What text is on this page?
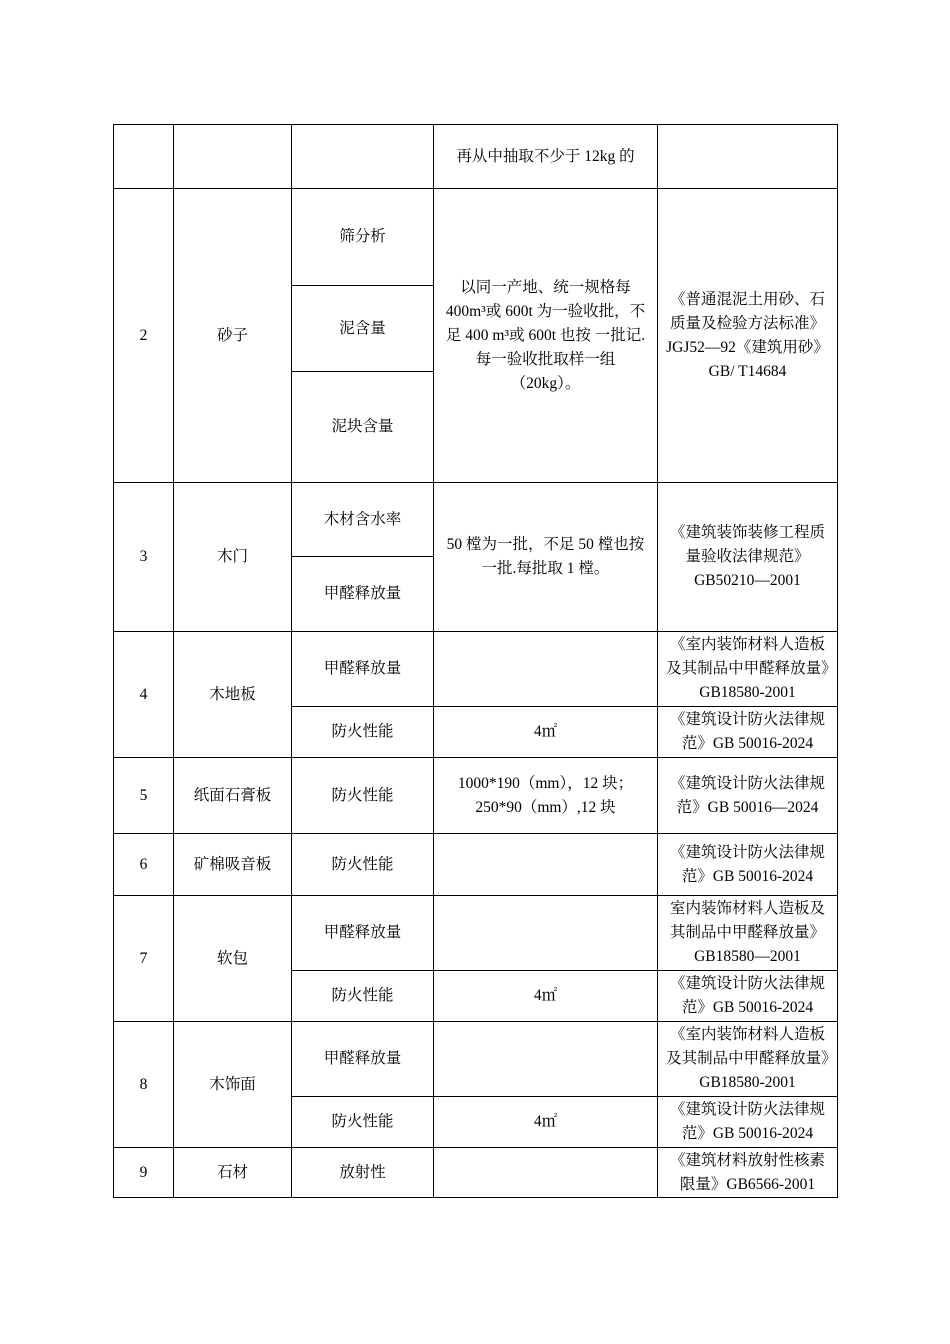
			再从中抽取不少于 12kg 的	
2	砂子	筛分析	以同一产地、统一规格每 400m³或 600t 为一验收批，不足 400 m³或 600t 也按 一批记.每一验收批取样一组（20kg）。	《普通混泥土用砂、石质量及检验方法标准》JGJ52—92《建筑用砂》GB/ T14684
		泥含量		
		泥块含量		
3	木门	木材含水率	50 樘为一批，不足 50 樘也按一批.每批取 1 樘。	《建筑装饰装修工程质量验收法律规范》GB50210—2001
		甲醛释放量		
4	木地板	甲醛释放量		《室内装饰材料人造板及其制品中甲醛释放量》GB18580-2001
		防火性能	4㎡	《建筑设计防火法律规范》GB 50016-2024
5	纸面石膏板	防火性能	1000*190（mm），12 块；250*90（mm）,12 块	《建筑设计防火法律规范》GB 50016—2024
6	矿棉吸音板	防火性能		《建筑设计防火法律规范》GB 50016-2024
7	软包	甲醛释放量		室内装饰材料人造板及其制品中甲醛释放量》GB18580—2001
		防火性能	4㎡	《建筑设计防火法律规范》GB 50016-2024
8	木饰面	甲醛释放量		《室内装饰材料人造板及其制品中甲醛释放量》GB18580-2001
		防火性能	4㎡	《建筑设计防火法律规范》GB 50016-2024
9	石材	放射性		《建筑材料放射性核素限量》GB6566-2001
